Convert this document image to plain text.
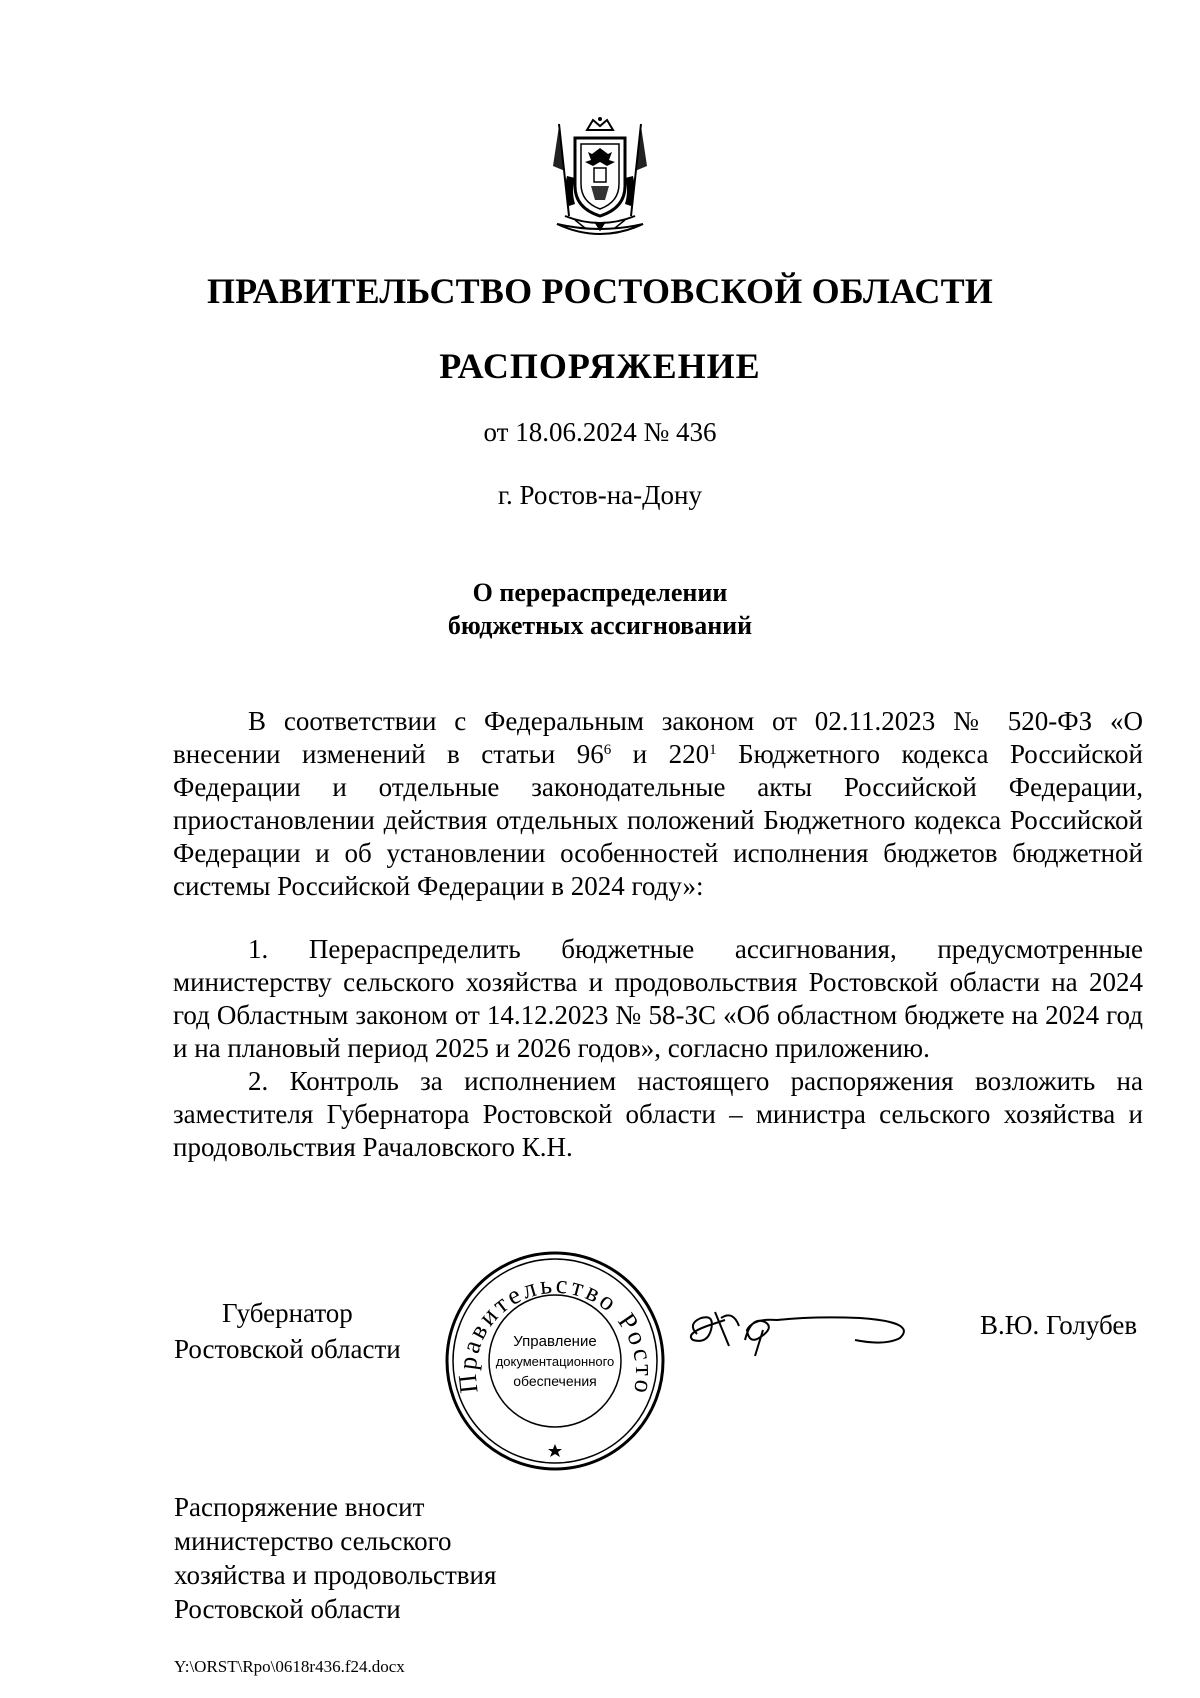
ПРАВИТЕЛЬСТВО РОСТОВСКОЙ ОБЛАСТИ
РАСПОРЯЖЕНИЕ
от 18.06.2024 № 436
г. Ростов-на-Дону
О перераспределении
бюджетных ассигнований

В соответствии с Федеральным законом от 02.11.2023 № 520-ФЗ «О внесении изменений в статьи $96^6$ и $220^1$ Бюджетного кодекса Российской Федерации и отдельные законодательные акты Российской Федерации, приостановлении действия отдельных положений Бюджетного кодекса Российской Федерации и об установлении особенностей исполнения бюджетов бюджетной системы Российской Федерации в 2024 году»:

1. Перераспределить бюджетные ассигнования, предусмотренные министерству сельского хозяйства и продовольствия Ростовской области на 2024 год Областным законом от 14.12.2023 № 58-ЗС «Об областном бюджете на 2024 год и на плановый период 2025 и 2026 годов», согласно приложению.

2. Контроль за исполнением настоящего распоряжения возложить на заместителя Губернатора Ростовской области – министра сельского хозяйства и продовольствия Рачаловского К.Н.

Губернатор
Ростовской области
Правительство Росто
Управление
документационного
обеспечения
В.Ю. Голубев
Распоряжение вносит
министерство сельского
хозяйства и продовольствия
Ростовской области
Y:\ORST\Rpo\0618r436.f24.docx
